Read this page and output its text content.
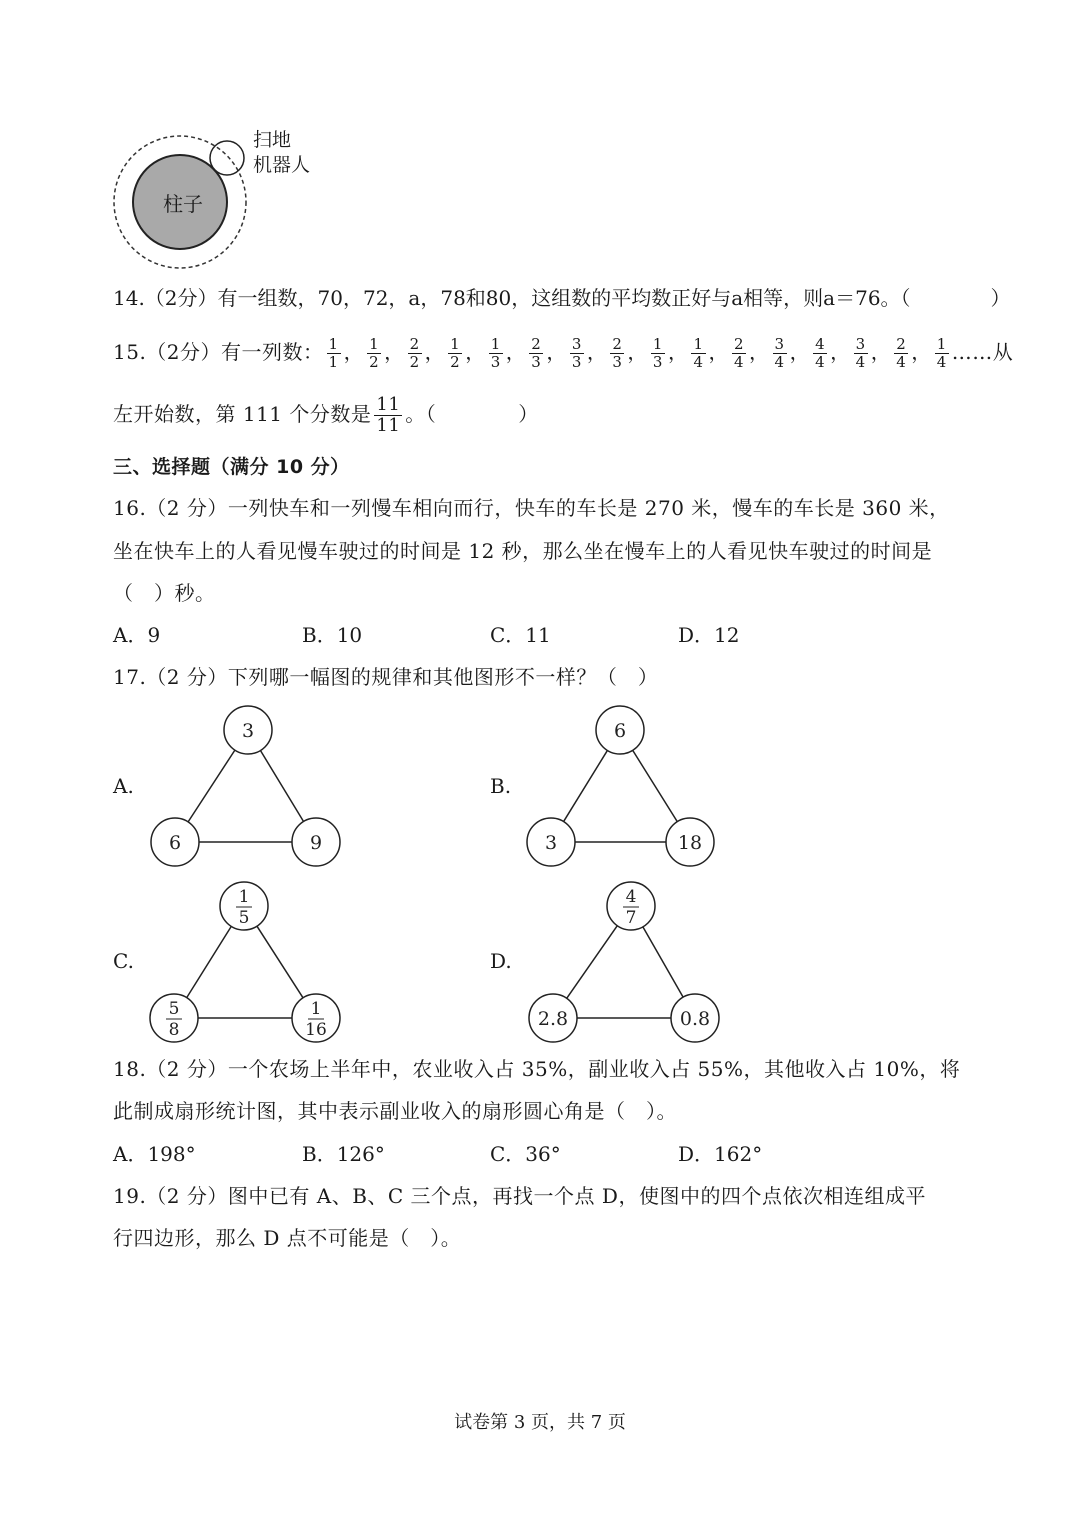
柱子
扫地
机器人
14.（2分）有一组数，70，72，a，78和80，这组数的平均数正好与a相等，则a＝76。（　　　　）
15.（2分）有一列数： $\frac{1}{1}$ ， $\frac{1}{2}$ ， $\frac{2}{2}$ ， $\frac{1}{2}$ ， $\frac{1}{3}$ ， $\frac{2}{3}$ ， $\frac{3}{3}$ ， $\frac{2}{3}$ ， $\frac{1}{3}$ ， $\frac{1}{4}$ ， $\frac{2}{4}$ ， $\frac{3}{4}$ ， $\frac{4}{4}$ ， $\frac{3}{4}$ ， $\frac{2}{4}$ ， $\frac{1}{4}$ ……从
左开始数，第 111 个分数是 $\frac{11}{11}$ 。（　　　　）
三、选择题（满分 10 分）
16.（2 分）一列快车和一列慢车相向而行，快车的车长是 270 米，慢车的车长是 360 米，
坐在快车上的人看见慢车驶过的时间是 12 秒，那么坐在慢车上的人看见快车驶过的时间是
（　）秒。
A．9	B．10	C．11	D．12
17.（2 分）下列哪一幅图的规律和其他图形不一样？（　）
A.	B.
C.	D.
3
6	9
6
3	18
1
5
5
8
1
16
4
7
2.8	0.8
18.（2 分）一个农场上半年中，农业收入占 35%，副业收入占 55%，其他收入占 10%，将
此制成扇形统计图，其中表示副业收入的扇形圆心角是（　）。
A．198°	B．126°	C．36°	D．162°
19.（2 分）图中已有 A、B、C 三个点，再找一个点 D，使图中的四个点依次相连组成平
行四边形，那么 D 点不可能是（　）。
试卷第 3 页，共 7 页
